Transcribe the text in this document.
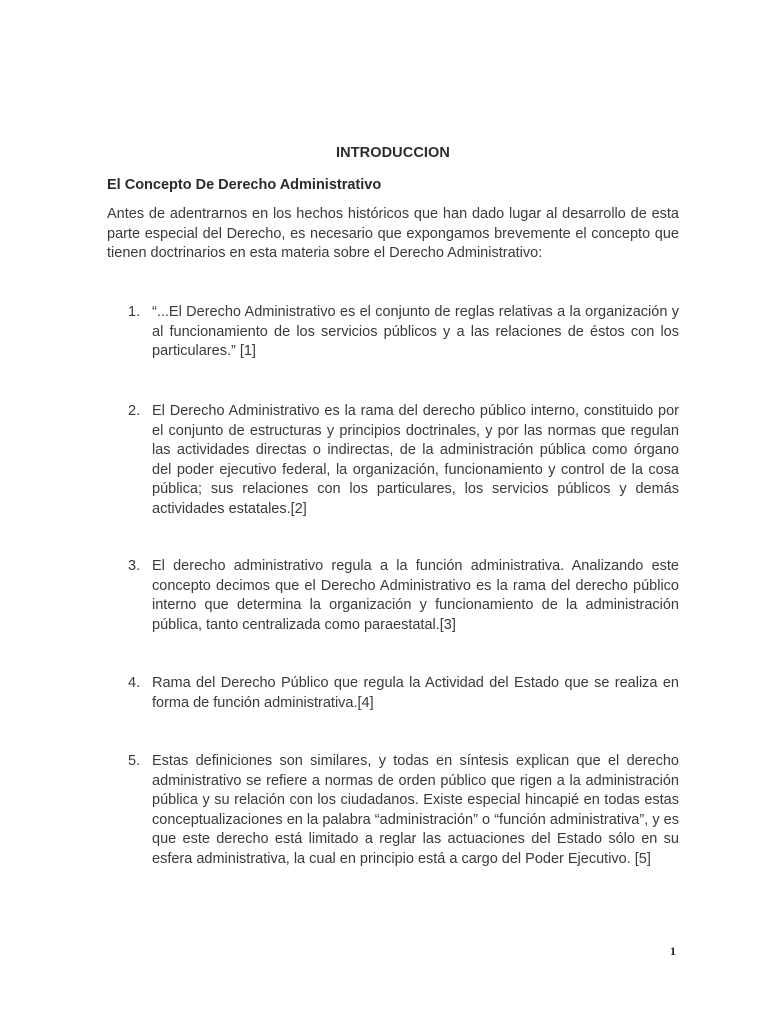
INTRODUCCION
El Concepto De Derecho Administrativo
Antes de adentrarnos en los hechos históricos que han dado lugar al desarrollo de esta parte especial del Derecho, es necesario que expongamos brevemente el concepto que tienen doctrinarios en esta materia sobre el Derecho Administrativo:
1. “...El Derecho Administrativo es el conjunto de reglas relativas a la organización y al funcionamiento de los servicios públicos y a las relaciones de éstos con los particulares.” [1]
2. El Derecho Administrativo es la rama del derecho público interno, constituido por el conjunto de estructuras y principios doctrinales, y por las normas que regulan las actividades directas o indirectas, de la administración pública como órgano del poder ejecutivo federal, la organización, funcionamiento y control de la cosa pública; sus relaciones con los particulares, los servicios públicos y demás actividades estatales.[2]
3. El derecho administrativo regula a la función administrativa. Analizando este concepto decimos que el Derecho Administrativo es la rama del derecho público interno que determina la organización y funcionamiento de la administración pública, tanto centralizada como paraestatal.[3]
4. Rama del Derecho Público que regula la Actividad del Estado que se realiza en forma de función administrativa.[4]
5. Estas definiciones son similares, y todas en síntesis explican que el derecho administrativo se refiere a normas de orden público que rigen a la administración pública y su relación con los ciudadanos. Existe especial hincapié en todas estas conceptualizaciones en la palabra “administración” o “función administrativa”, y es que este derecho está limitado a reglar las actuaciones del Estado sólo en su esfera administrativa, la cual en principio está a cargo del Poder Ejecutivo. [5]
1
